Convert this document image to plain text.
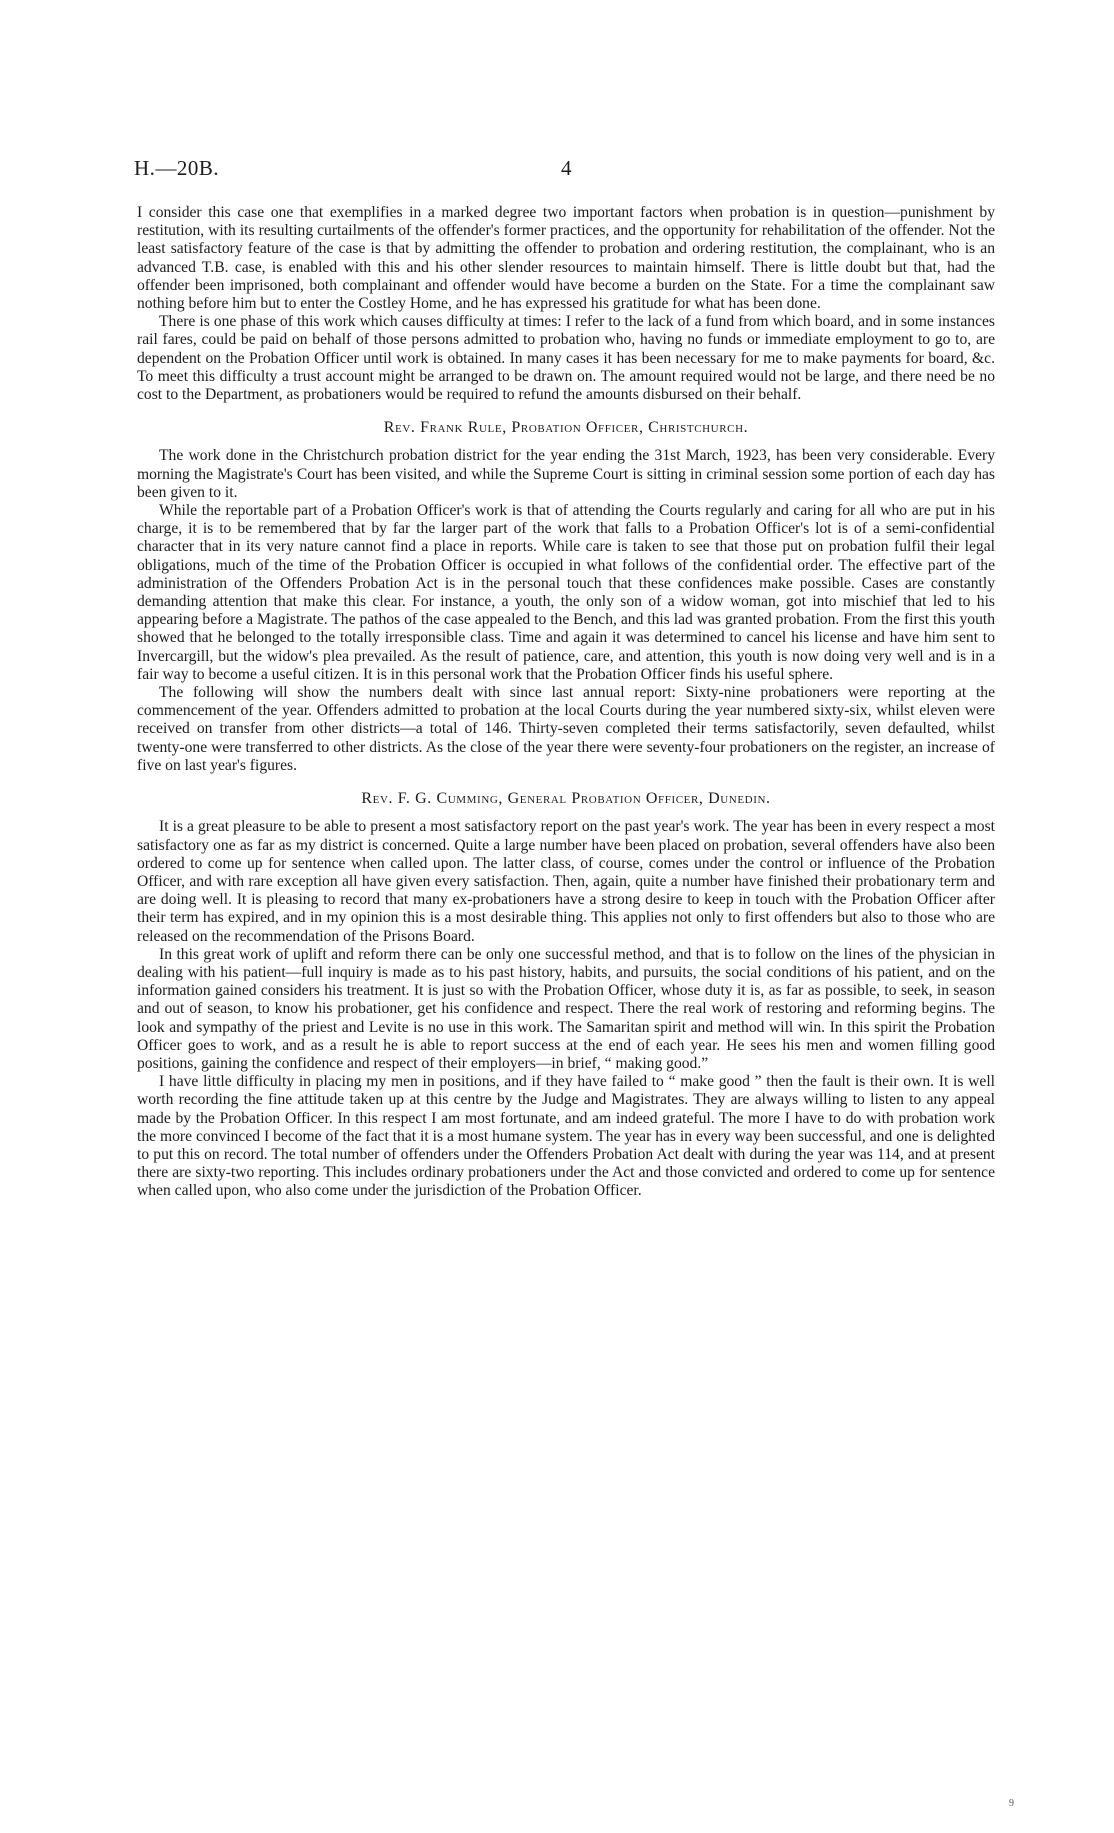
H.—20B.	4

I consider this case one that exemplifies in a marked degree two important factors when probation is in question—punishment by restitution, with its resulting curtailments of the offender's former practices, and the opportunity for rehabilitation of the offender. Not the least satisfactory feature of the case is that by admitting the offender to probation and ordering restitution, the complainant, who is an advanced T.B. case, is enabled with this and his other slender resources to maintain himself. There is little doubt but that, had the offender been imprisoned, both complainant and offender would have become a burden on the State. For a time the complainant saw nothing before him but to enter the Costley Home, and he has expressed his gratitude for what has been done.

There is one phase of this work which causes difficulty at times: I refer to the lack of a fund from which board, and in some instances rail fares, could be paid on behalf of those persons admitted to probation who, having no funds or immediate employment to go to, are dependent on the Probation Officer until work is obtained. In many cases it has been necessary for me to make payments for board, &c. To meet this difficulty a trust account might be arranged to be drawn on. The amount required would not be large, and there need be no cost to the Department, as probationers would be required to refund the amounts disbursed on their behalf.

Rev. Frank Rule, Probation Officer, Christchurch.

The work done in the Christchurch probation district for the year ending the 31st March, 1923, has been very considerable. Every morning the Magistrate's Court has been visited, and while the Supreme Court is sitting in criminal session some portion of each day has been given to it.

While the reportable part of a Probation Officer's work is that of attending the Courts regularly and caring for all who are put in his charge, it is to be remembered that by far the larger part of the work that falls to a Probation Officer's lot is of a semi-confidential character that in its very nature cannot find a place in reports. While care is taken to see that those put on probation fulfil their legal obligations, much of the time of the Probation Officer is occupied in what follows of the confidential order. The effective part of the administration of the Offenders Probation Act is in the personal touch that these confidences make possible. Cases are constantly demanding attention that make this clear. For instance, a youth, the only son of a widow woman, got into mischief that led to his appearing before a Magistrate. The pathos of the case appealed to the Bench, and this lad was granted probation. From the first this youth showed that he belonged to the totally irresponsible class. Time and again it was determined to cancel his license and have him sent to Invercargill, but the widow's plea prevailed. As the result of patience, care, and attention, this youth is now doing very well and is in a fair way to become a useful citizen. It is in this personal work that the Probation Officer finds his useful sphere.

The following will show the numbers dealt with since last annual report: Sixty-nine probationers were reporting at the commencement of the year. Offenders admitted to probation at the local Courts during the year numbered sixty-six, whilst eleven were received on transfer from other districts—a total of 146. Thirty-seven completed their terms satisfactorily, seven defaulted, whilst twenty-one were transferred to other districts. As the close of the year there were seventy-four probationers on the register, an increase of five on last year's figures.

Rev. F. G. Cumming, General Probation Officer, Dunedin.

It is a great pleasure to be able to present a most satisfactory report on the past year's work. The year has been in every respect a most satisfactory one as far as my district is concerned. Quite a large number have been placed on probation, several offenders have also been ordered to come up for sentence when called upon. The latter class, of course, comes under the control or influence of the Probation Officer, and with rare exception all have given every satisfaction. Then, again, quite a number have finished their probationary term and are doing well. It is pleasing to record that many ex-probationers have a strong desire to keep in touch with the Probation Officer after their term has expired, and in my opinion this is a most desirable thing. This applies not only to first offenders but also to those who are released on the recommendation of the Prisons Board.

In this great work of uplift and reform there can be only one successful method, and that is to follow on the lines of the physician in dealing with his patient—full inquiry is made as to his past history, habits, and pursuits, the social conditions of his patient, and on the information gained considers his treatment. It is just so with the Probation Officer, whose duty it is, as far as possible, to seek, in season and out of season, to know his probationer, get his confidence and respect. There the real work of restoring and reforming begins. The look and sympathy of the priest and Levite is no use in this work. The Samaritan spirit and method will win. In this spirit the Probation Officer goes to work, and as a result he is able to report success at the end of each year. He sees his men and women filling good positions, gaining the confidence and respect of their employers—in brief, “ making good.”

I have little difficulty in placing my men in positions, and if they have failed to “ make good ” then the fault is their own. It is well worth recording the fine attitude taken up at this centre by the Judge and Magistrates. They are always willing to listen to any appeal made by the Probation Officer. In this respect I am most fortunate, and am indeed grateful. The more I have to do with probation work the more convinced I become of the fact that it is a most humane system. The year has in every way been successful, and one is delighted to put this on record. The total number of offenders under the Offenders Probation Act dealt with during the year was 114, and at present there are sixty-two reporting. This includes ordinary probationers under the Act and those convicted and ordered to come up for sentence when called upon, who also come under the jurisdiction of the Probation Officer.

9
